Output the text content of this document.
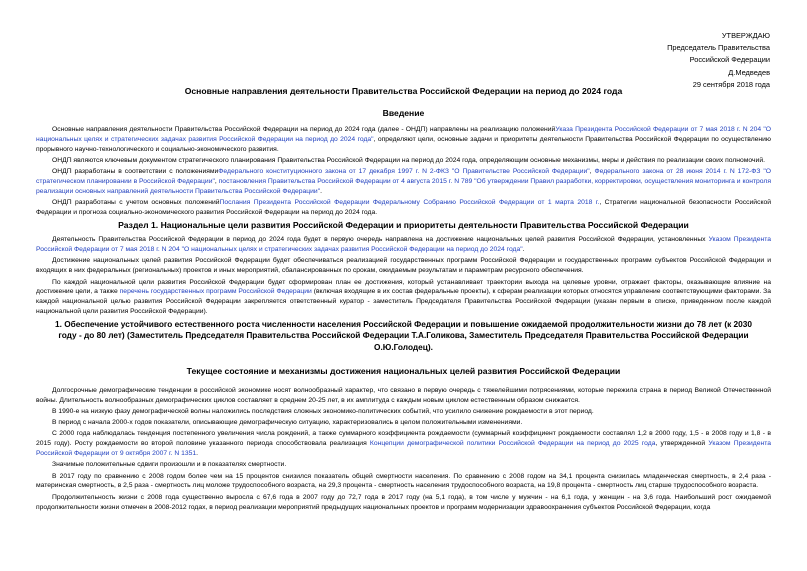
УТВЕРЖДАЮ
Председатель Правительства
Российской Федерации
Д.Медведев
29 сентября 2018 года
Основные направления деятельности Правительства Российской Федерации на период до 2024 года
Введение

Основные направления деятельности Правительства Российской Федерации на период до 2024 года (далее - ОНДП) направлены на реализацию положенийУказа Президента Российской Федерации от 7 мая 2018 г. N 204 "О национальных целях и стратегических задачах развития Российской Федерации на период до 2024 года", определяют цели, основные задачи и приоритеты деятельности Правительства Российской Федерации по осуществлению прорывного научно-технологического и социально-экономического развития.

ОНДП являются ключевым документом стратегического планирования Правительства Российской Федерации на период до 2024 года, определяющим основные механизмы, меры и действия по реализации своих полномочий.

ОНДП разработаны в соответствии с положениямиФедерального конституционного закона от 17 декабря 1997 г. N 2-ФКЗ "О Правительстве Российской Федерации", Федерального закона от 28 июня 2014 г. N 172-ФЗ "О стратегическом планировании в Российской Федерации", постановления Правительства Российской Федерации от 4 августа 2015 г. N 789 "Об утверждении Правил разработки, корректировки, осуществления мониторинга и контроля реализации основных направлений деятельности Правительства Российской Федерации".

ОНДП разработаны с учетом основных положенийПослания Президента Российской Федерации Федеральному Собранию Российской Федерации от 1 марта 2018 г., Стратегии национальной безопасности Российской Федерации и прогноза социально-экономического развития Российской Федерации на период до 2024 года.

Раздел 1. Национальные цели развития Российской Федерации и приоритеты деятельности Правительства Российской Федерации

Деятельность Правительства Российской Федерации в период до 2024 года будет в первую очередь направлена на достижение национальных целей развития Российской Федерации, установленных Указом Президента Российской Федерации от 7 мая 2018 г. N 204 "О национальных целях и стратегических задачах развития Российской Федерации на период до 2024 года".

Достижение национальных целей развития Российской Федерации будет обеспечиваться реализацией государственных программ Российской Федерации и государственных программ субъектов Российской Федерации и входящих в них федеральных (региональных) проектов и иных мероприятий, сбалансированных по срокам, ожидаемым результатам и параметрам ресурсного обеспечения.

По каждой национальной цели развития Российской Федерации будет сформирован план ее достижения, который устанавливает траектории выхода на целевые уровни, отражает факторы, оказывающие влияние на достижение цели, а также перечень государственных программ Российской Федерации (включая входящие в их состав федеральные проекты), к сферам реализации которых относятся управление соответствующими факторами. За каждой национальной целью развития Российской Федерации закрепляется ответственный куратор - заместитель Председателя Правительства Российской Федерации (указан первым в списке, приведенном после каждой национальной цели развития Российской Федерации).

1. Обеспечение устойчивого естественного роста численности населения Российской Федерации и повышение ожидаемой продолжительности жизни до 78 лет (к 2030 году - до 80 лет) (Заместитель Председателя Правительства Российской Федерации Т.А.Голикова, Заместитель Председателя Правительства Российской Федерации О.Ю.Голодец).
Текущее состояние и механизмы достижения национальных целей развития Российской Федерации

Долгосрочные демографические тенденции в российской экономике носят волнообразный характер, что связано в первую очередь с тяжелейшими потрясениями, которые пережила страна в период Великой Отечественной войны. Длительность волнообразных демографических циклов составляет в среднем 20-25 лет, в их амплитуда с каждым новым циклом естественным образом снижается.

В 1990-е на низкую фазу демографической волны наложились последствия сложных экономико-политических событий, что усилило снижение рождаемости в этот период.

В период с начала 2000-х годов показатели, описывающие демографическую ситуацию, характеризовались в целом положительными изменениями.

С 2000 года наблюдалась тенденция постепенного увеличения числа рождений, а также суммарного коэффициента рождаемости (суммарный коэффициент рождаемости составлял 1,2 в 2000 году, 1,5 - в 2008 году и 1,8 - в 2015 году). Росту рождаемости во второй половине указанного периода способствовала реализация Концепции демографической политики Российской Федерации на период до 2025 года, утвержденной Указом Президента Российской Федерации от 9 октября 2007 г. N 1351.

Значимые положительные сдвиги произошли и в показателях смертности.

В 2017 году по сравнению с 2008 годом более чем на 15 процентов снизился показатель общей смертности населения. По сравнению с 2008 годом на 34,1 процента снизилась младенческая смертность, в 2,4 раза - материнская смертность, в 2,5 раза - смертность лиц моложе трудоспособного возраста, на 29,3 процента - смертность населения трудоспособного возраста, на 19,8 процента - смертность лиц старше трудоспособного возраста.

Продолжительность жизни с 2008 года существенно выросла с 67,6 года в 2007 году до 72,7 года в 2017 году (на 5,1 года), в том числе у мужчин - на 6,1 года, у женщин - на 3,6 года. Наибольший рост ожидаемой продолжительности жизни отмечен в 2008-2012 годах, в период реализации мероприятий предыдущих национальных проектов и программ модернизации здравоохранения субъектов Российской Федерации, когда
